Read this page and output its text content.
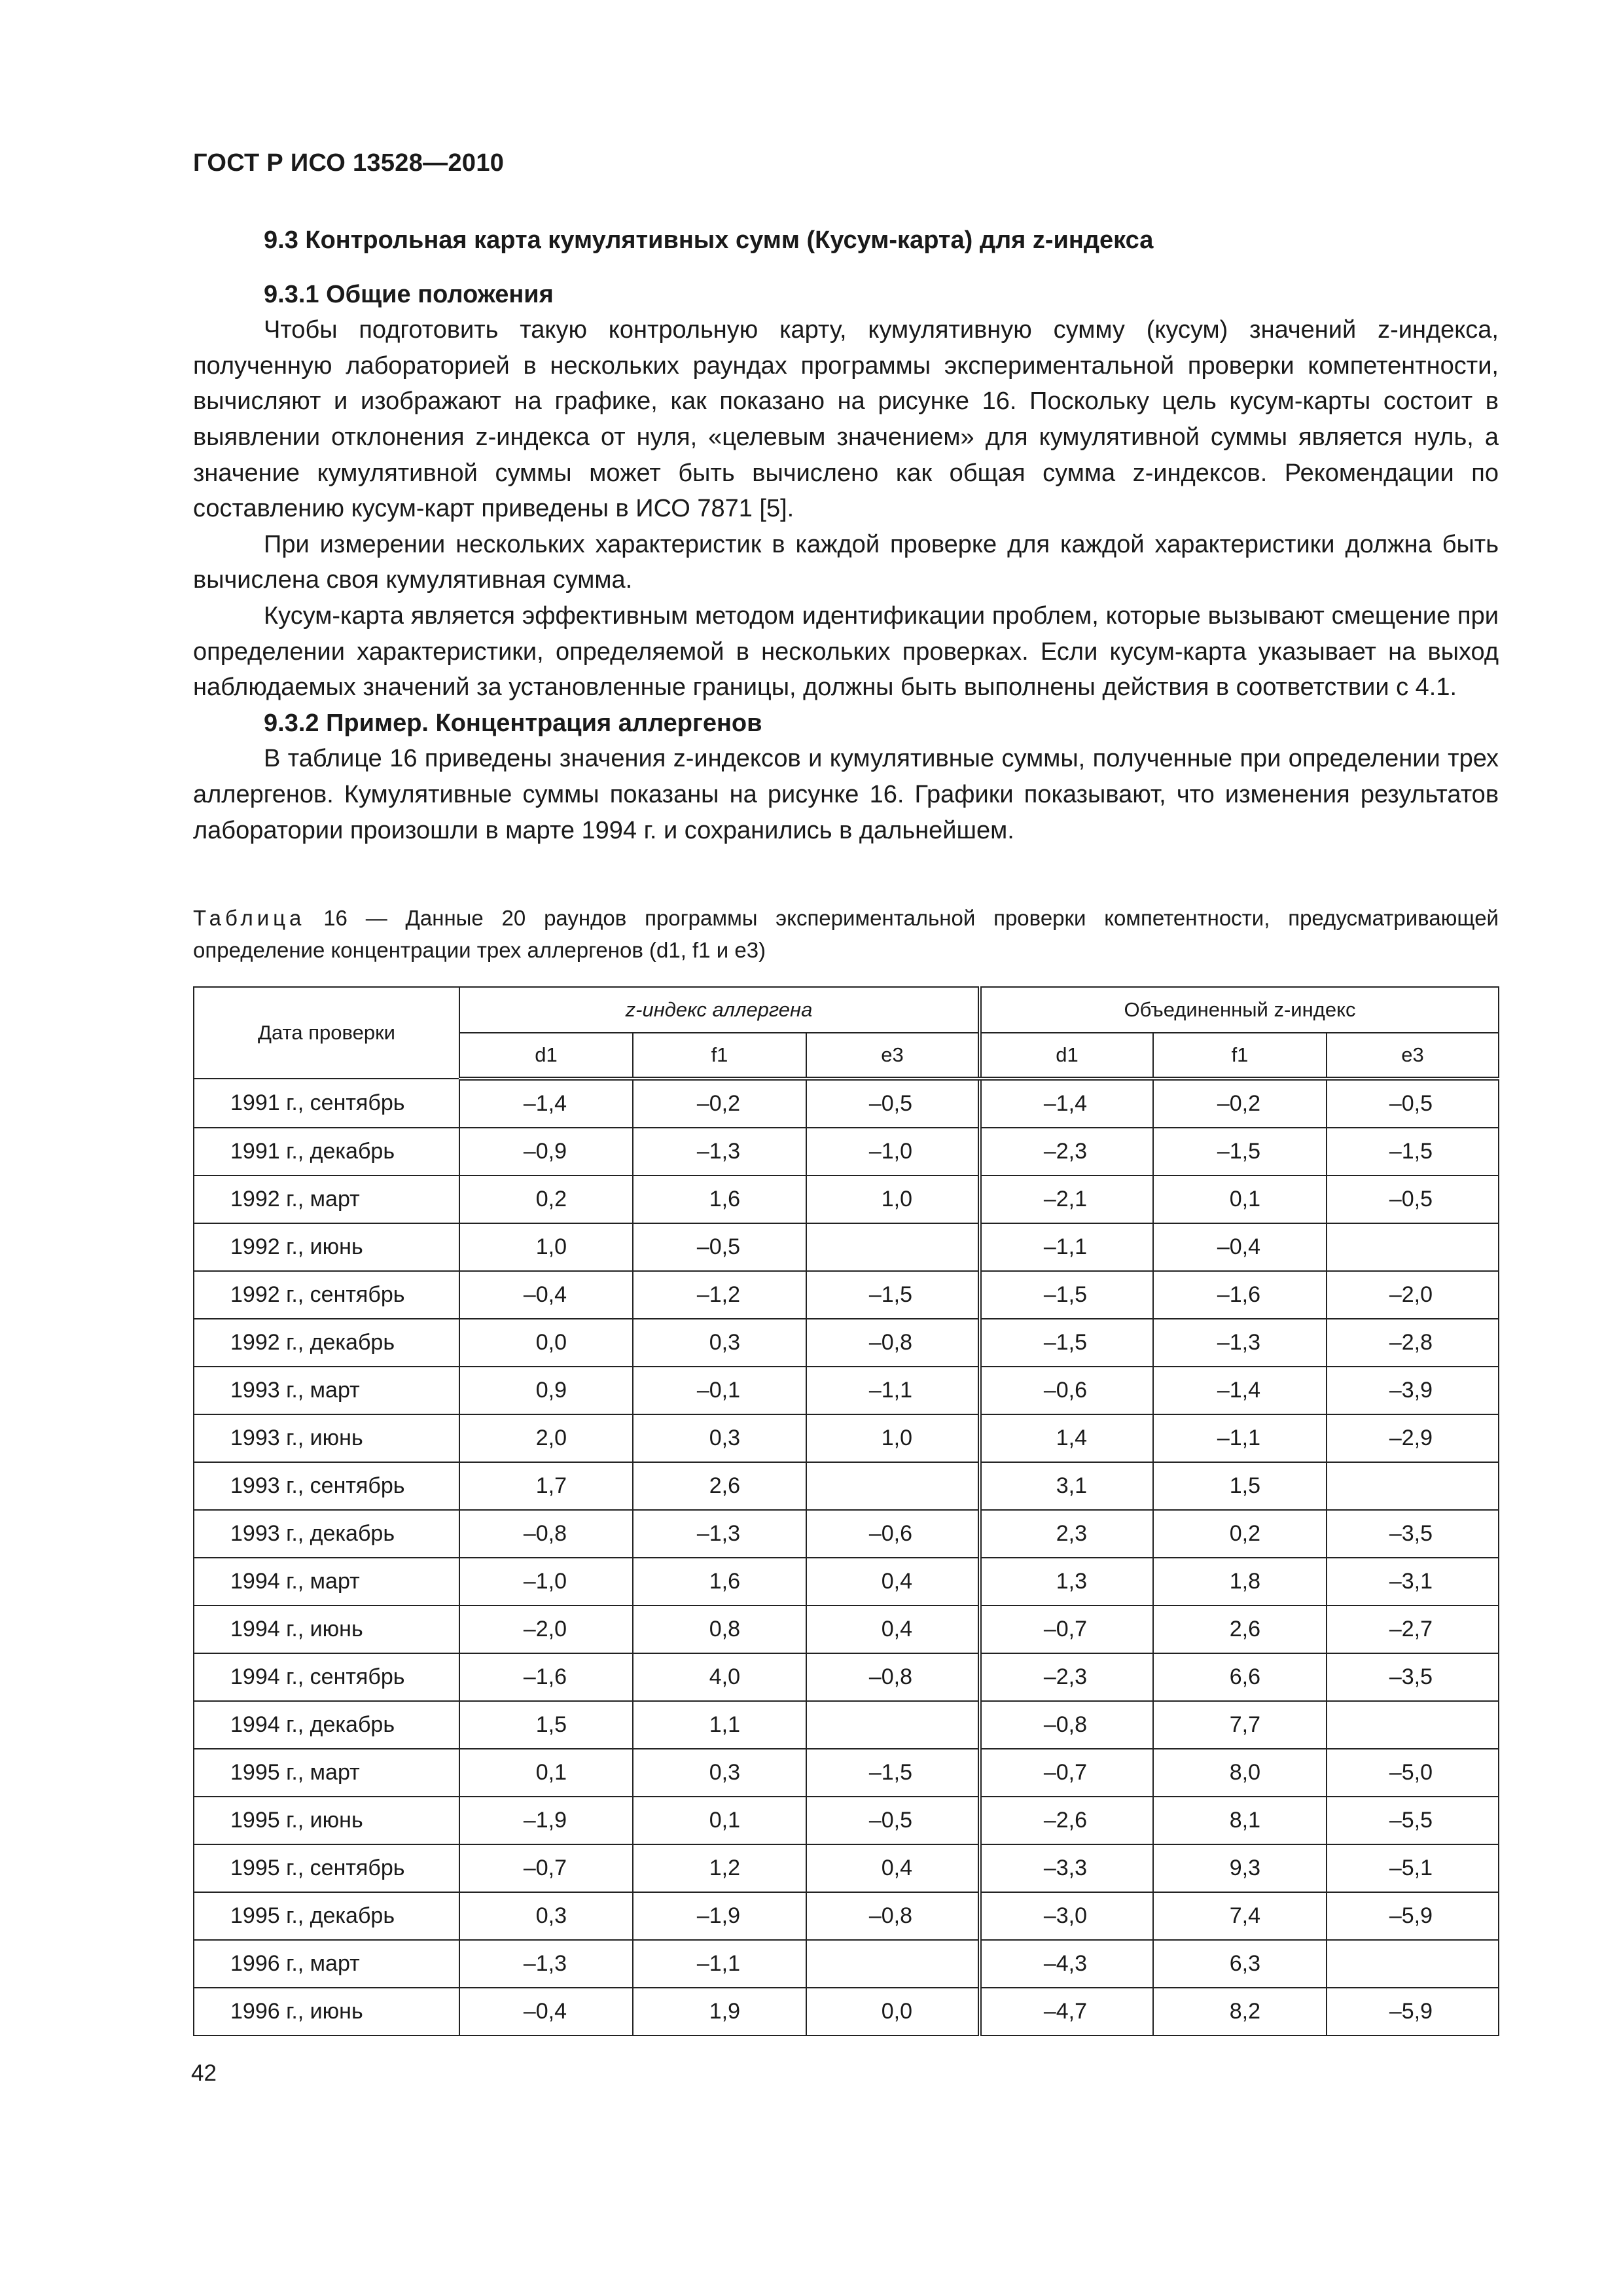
ГОСТ Р ИСО 13528—2010
9.3 Контрольная карта кумулятивных сумм (Кусум-карта) для z-индекса
9.3.1 Общие положения

Чтобы подготовить такую контрольную карту, кумулятивную сумму (кусум) значений z-индекса, полученную лабораторией в нескольких раундах программы экспериментальной проверки компетентности, вычисляют и изображают на графике, как показано на рисунке 16. Поскольку цель кусум-карты состоит в выявлении отклонения z-индекса от нуля, «целевым значением» для кумулятивной суммы является нуль, а значение кумулятивной суммы может быть вычислено как общая сумма z-индексов. Рекомендации по составлению кусум-карт приведены в ИСО 7871 [5].

При измерении нескольких характеристик в каждой проверке для каждой характеристики должна быть вычислена своя кумулятивная сумма.

Кусум-карта является эффективным методом идентификации проблем, которые вызывают смещение при определении характеристики, определяемой в нескольких проверках. Если кусум-карта указывает на выход наблюдаемых значений за установленные границы, должны быть выполнены действия в соответствии с 4.1.

9.3.2 Пример. Концентрация аллергенов

В таблице 16 приведены значения z-индексов и кумулятивные суммы, полученные при определении трех аллергенов. Кумулятивные суммы показаны на рисунке 16. Графики показывают, что изменения результатов лаборатории произошли в марте 1994 г. и сохранились в дальнейшем.

Таблица 16 — Данные 20 раундов программы экспериментальной проверки компетентности, предусматривающей определение концентрации трех аллергенов (d1, f1 и e3)
Дата проверки	z-индекс аллергена			Объединенный z-индекс		
	d1	f1	e3	d1	f1	e3
1991 г., сентябрь	–1,4	–0,2	–0,5	–1,4	–0,2	–0,5
1991 г., декабрь	–0,9	–1,3	–1,0	–2,3	–1,5	–1,5
1992 г., март	0,2	1,6	1,0	–2,1	0,1	–0,5
1992 г., июнь	1,0	–0,5		–1,1	–0,4	
1992 г., сентябрь	–0,4	–1,2	–1,5	–1,5	–1,6	–2,0
1992 г., декабрь	0,0	0,3	–0,8	–1,5	–1,3	–2,8
1993 г., март	0,9	–0,1	–1,1	–0,6	–1,4	–3,9
1993 г., июнь	2,0	0,3	1,0	1,4	–1,1	–2,9
1993 г., сентябрь	1,7	2,6		3,1	1,5	
1993 г., декабрь	–0,8	–1,3	–0,6	2,3	0,2	–3,5
1994 г., март	–1,0	1,6	0,4	1,3	1,8	–3,1
1994 г., июнь	–2,0	0,8	0,4	–0,7	2,6	–2,7
1994 г., сентябрь	–1,6	4,0	–0,8	–2,3	6,6	–3,5
1994 г., декабрь	1,5	1,1		–0,8	7,7	
1995 г., март	0,1	0,3	–1,5	–0,7	8,0	–5,0
1995 г., июнь	–1,9	0,1	–0,5	–2,6	8,1	–5,5
1995 г., сентябрь	–0,7	1,2	0,4	–3,3	9,3	–5,1
1995 г., декабрь	0,3	–1,9	–0,8	–3,0	7,4	–5,9
1996 г., март	–1,3	–1,1		–4,3	6,3	
1996 г., июнь	–0,4	1,9	0,0	–4,7	8,2	–5,9
42
